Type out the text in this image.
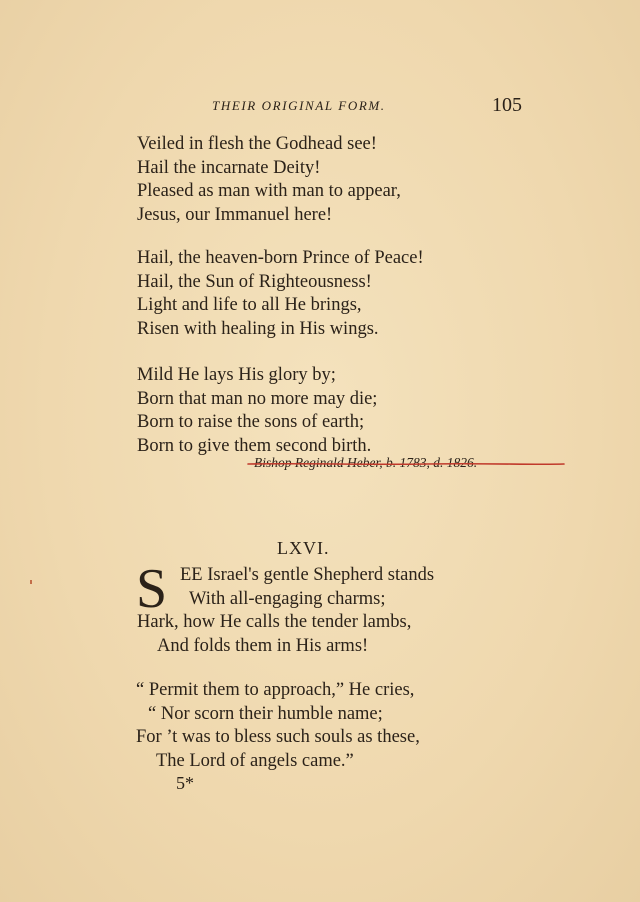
THEIR ORIGINAL FORM.	105
Veiled in flesh the Godhead see!
Hail the incarnate Deity!
Pleased as man with man to appear,
Jesus, our Immanuel here!
Hail, the heaven-born Prince of Peace!
Hail, the Sun of Righteousness!
Light and life to all He brings,
Risen with healing in His wings.
Mild He lays His glory by;
Born that man no more may die;
Born to raise the sons of earth;
Born to give them second birth.
Bishop Reginald Heber, b. 1783, d. 1826.
LXVI.
S EE Israel's gentle Shepherd stands
With all-engaging charms;
Hark, how He calls the tender lambs,
And folds them in His arms!
“ Permit them to approach,” He cries,
“ Nor scorn their humble name;
For ’t was to bless such souls as these,
The Lord of angels came.”
5*
